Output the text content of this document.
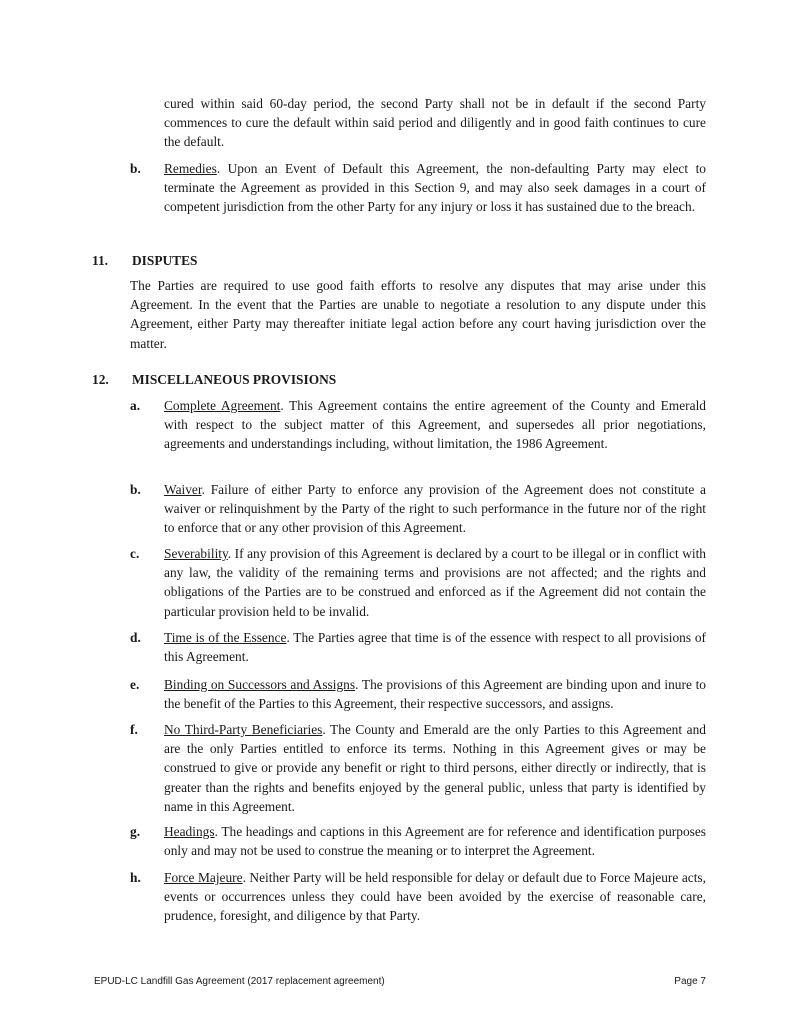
cured within said 60-day period, the second Party shall not be in default if the second Party commences to cure the default within said period and diligently and in good faith continues to cure the default.

b.	Remedies. Upon an Event of Default this Agreement, the non-defaulting Party may elect to terminate the Agreement as provided in this Section 9, and may also seek damages in a court of competent jurisdiction from the other Party for any injury or loss it has sustained due to the breach.
11. DISPUTES

The Parties are required to use good faith efforts to resolve any disputes that may arise under this Agreement. In the event that the Parties are unable to negotiate a resolution to any dispute under this Agreement, either Party may thereafter initiate legal action before any court having jurisdiction over the matter.

12. MISCELLANEOUS PROVISIONS
a.	Complete Agreement. This Agreement contains the entire agreement of the County and Emerald with respect to the subject matter of this Agreement, and supersedes all prior negotiations, agreements and understandings including, without limitation, the 1986 Agreement.
b.	Waiver. Failure of either Party to enforce any provision of the Agreement does not constitute a waiver or relinquishment by the Party of the right to such performance in the future nor of the right to enforce that or any other provision of this Agreement.
c.	Severability. If any provision of this Agreement is declared by a court to be illegal or in conflict with any law, the validity of the remaining terms and provisions are not affected; and the rights and obligations of the Parties are to be construed and enforced as if the Agreement did not contain the particular provision held to be invalid.
d.	Time is of the Essence. The Parties agree that time is of the essence with respect to all provisions of this Agreement.
e.	Binding on Successors and Assigns. The provisions of this Agreement are binding upon and inure to the benefit of the Parties to this Agreement, their respective successors, and assigns.
f.	No Third-Party Beneficiaries. The County and Emerald are the only Parties to this Agreement and are the only Parties entitled to enforce its terms. Nothing in this Agreement gives or may be construed to give or provide any benefit or right to third persons, either directly or indirectly, that is greater than the rights and benefits enjoyed by the general public, unless that party is identified by name in this Agreement.
g.	Headings. The headings and captions in this Agreement are for reference and identification purposes only and may not be used to construe the meaning or to interpret the Agreement.
h.	Force Majeure. Neither Party will be held responsible for delay or default due to Force Majeure acts, events or occurrences unless they could have been avoided by the exercise of reasonable care, prudence, foresight, and diligence by that Party.
EPUD-LC Landfill Gas Agreement (2017 replacement agreement)	Page 7
